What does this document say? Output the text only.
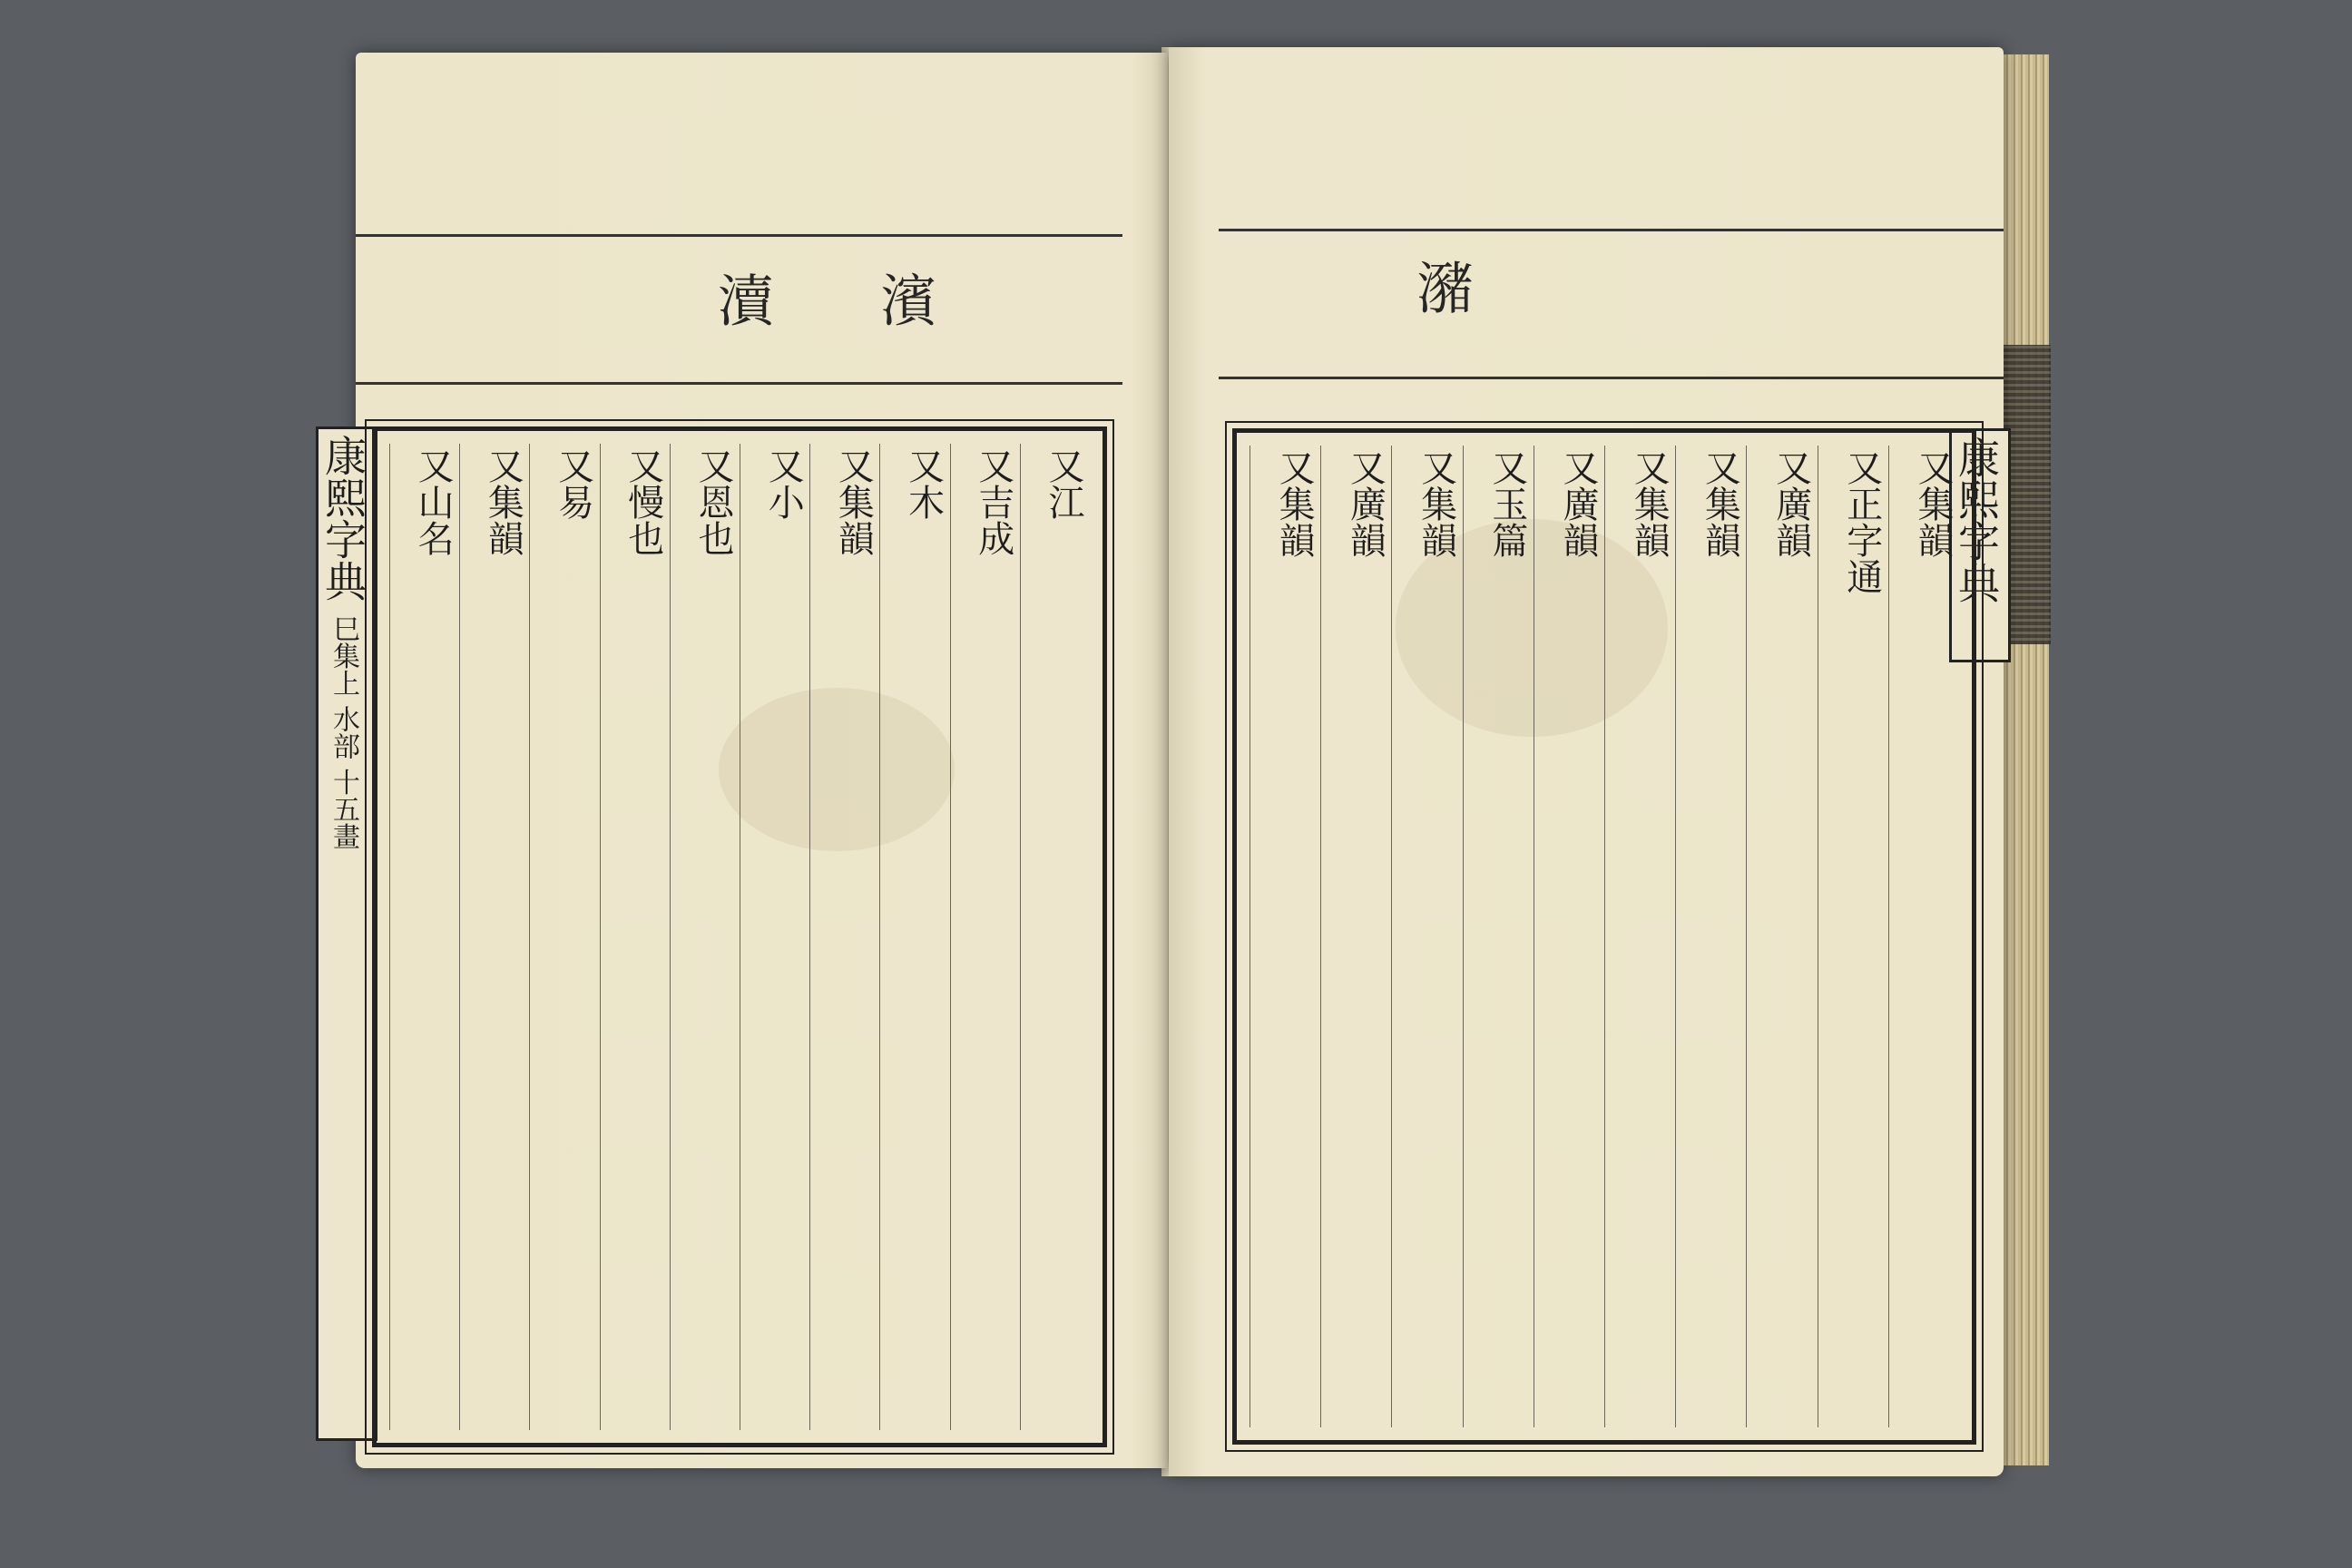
濱
瀆
康熙字典 巳集上 水部 十五畫
又江
又吉成
又木
又集韻
又小
又恩也
又慢也
又易
又集韻
又山名
瀦
康熙字典
又集韻
又正字通
又廣韻
又集韻
又集韻
又廣韻
又玉篇
又集韻
又廣韻
又集韻
